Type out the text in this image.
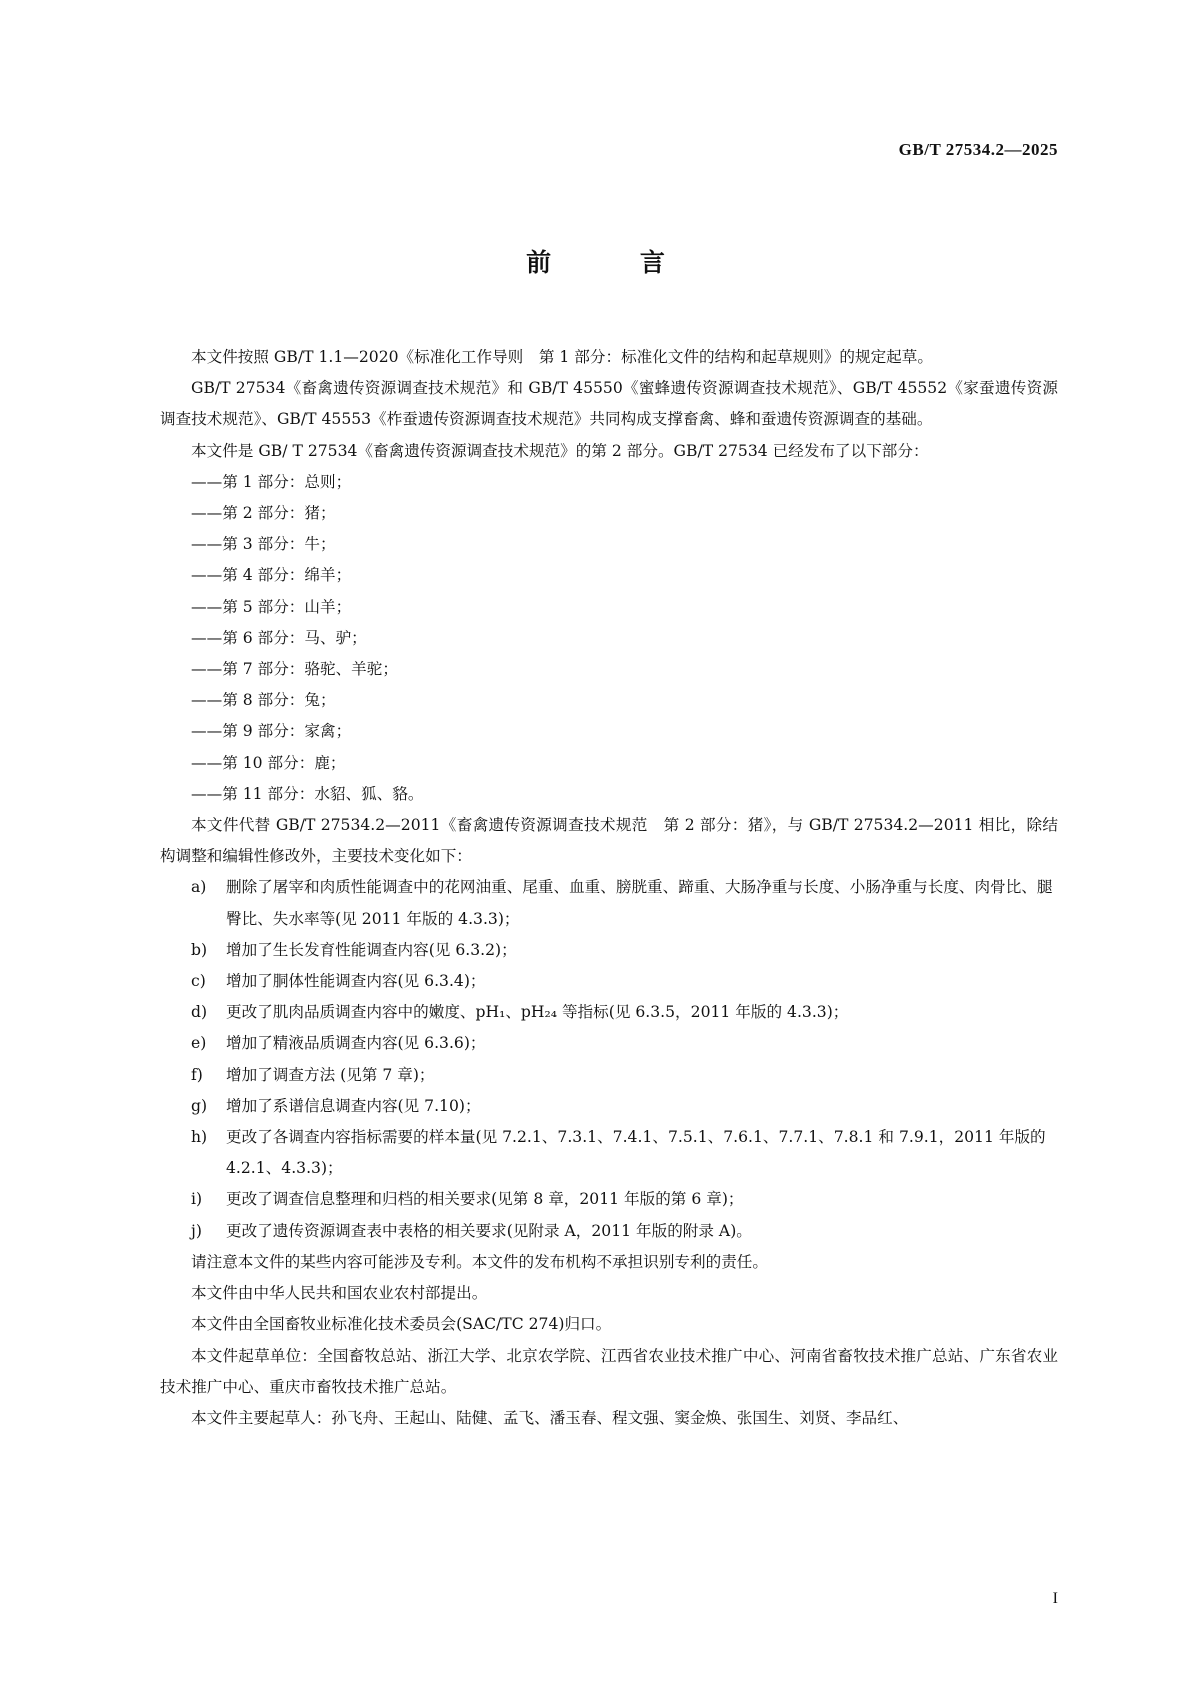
GB/T 27534.2—2025
前 言

本文件按照 GB/T 1.1—2020《标准化工作导则　第 1 部分：标准化文件的结构和起草规则》的规定起草。

GB/T 27534《畜禽遗传资源调查技术规范》和 GB/T 45550《蜜蜂遗传资源调查技术规范》、GB/T 45552《家蚕遗传资源调查技术规范》、GB/T 45553《柞蚕遗传资源调查技术规范》共同构成支撑畜禽、蜂和蚕遗传资源调查的基础。

本文件是 GB/ T 27534《畜禽遗传资源调查技术规范》的第 2 部分。GB/T 27534 已经发布了以下部分：

——第 1 部分：总则；

——第 2 部分：猪；

——第 3 部分：牛；

——第 4 部分：绵羊；

——第 5 部分：山羊；

——第 6 部分：马、驴；

——第 7 部分：骆驼、羊驼；

——第 8 部分：兔；

——第 9 部分：家禽；

——第 10 部分：鹿；

——第 11 部分：水貂、狐、貉。

本文件代替 GB/T 27534.2—2011《畜禽遗传资源调查技术规范　第 2 部分：猪》，与 GB/T 27534.2—2011 相比，除结构调整和编辑性修改外，主要技术变化如下：

a) 删除了屠宰和肉质性能调查中的花网油重、尾重、血重、膀胱重、蹄重、大肠净重与长度、小肠净重与长度、肉骨比、腿臀比、失水率等(见 2011 年版的 4.3.3)；

b) 增加了生长发育性能调查内容(见 6.3.2)；

c) 增加了胴体性能调查内容(见 6.3.4)；

d) 更改了肌肉品质调查内容中的嫩度、pH₁、pH₂₄ 等指标(见 6.3.5，2011 年版的 4.3.3)；

e) 增加了精液品质调查内容(见 6.3.6)；

f) 增加了调查方法 (见第 7 章)；

g) 增加了系谱信息调查内容(见 7.10)；

h) 更改了各调查内容指标需要的样本量(见 7.2.1、7.3.1、7.4.1、7.5.1、7.6.1、7.7.1、7.8.1 和 7.9.1，2011 年版的 4.2.1、4.3.3)；

i) 更改了调查信息整理和归档的相关要求(见第 8 章，2011 年版的第 6 章)；

j) 更改了遗传资源调查表中表格的相关要求(见附录 A，2011 年版的附录 A)。

请注意本文件的某些内容可能涉及专利。本文件的发布机构不承担识别专利的责任。

本文件由中华人民共和国农业农村部提出。

本文件由全国畜牧业标准化技术委员会(SAC/TC 274)归口。

本文件起草单位：全国畜牧总站、浙江大学、北京农学院、江西省农业技术推广中心、河南省畜牧技术推广总站、广东省农业技术推广中心、重庆市畜牧技术推广总站。

本文件主要起草人：孙飞舟、王起山、陆健、孟飞、潘玉春、程文强、窦金焕、张国生、刘贤、李品红、

I
